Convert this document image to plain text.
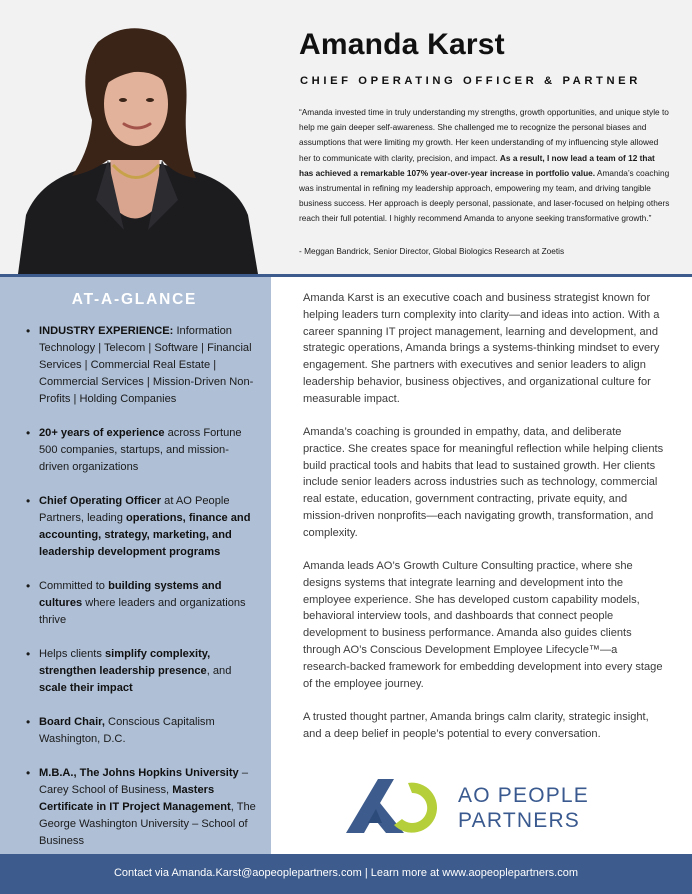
Amanda Karst
CHIEF OPERATING OFFICER & PARTNER

“Amanda invested time in truly understanding my strengths, growth opportunities, and unique style to help me gain deeper self-awareness. She challenged me to recognize the personal biases and assumptions that were limiting my growth. Her keen understanding of my influencing style allowed her to communicate with clarity, precision, and impact. As a result, I now lead a team of 12 that has achieved a remarkable 107% year-over-year increase in portfolio value. Amanda’s coaching was instrumental in refining my leadership approach, empowering my team, and driving tangible business success. Her approach is deeply personal, passionate, and laser-focused on helping others reach their full potential. I highly recommend Amanda to anyone seeking transformative growth.”

- Meggan Bandrick, Senior Director, Global Biologics Research at Zoetis
AT-A-GLANCE
• INDUSTRY EXPERIENCE: Information Technology | Telecom | Software | Financial Services | Commercial Real Estate | Commercial Services | Mission-Driven Non-Profits | Holding Companies
• 20+ years of experience across Fortune 500 companies, startups, and mission-driven organizations
• Chief Operating Officer at AO People Partners, leading operations, finance and accounting, strategy, marketing, and leadership development programs
• Committed to building systems and cultures where leaders and organizations thrive
• Helps clients simplify complexity, strengthen leadership presence, and scale their impact
• Board Chair, Conscious Capitalism Washington, D.C.
• M.B.A., The Johns Hopkins University – Carey School of Business, Masters Certificate in IT Project Management, The George Washington University – School of Business

Amanda Karst is an executive coach and business strategist known for helping leaders turn complexity into clarity—and ideas into action. With a career spanning IT project management, learning and development, and strategic operations, Amanda brings a systems-thinking mindset to every engagement. She partners with executives and senior leaders to align leadership behavior, business objectives, and organizational culture for measurable impact.

Amanda’s coaching is grounded in empathy, data, and deliberate practice. She creates space for meaningful reflection while helping clients build practical tools and habits that lead to sustained growth. Her clients include senior leaders across industries such as technology, commercial real estate, education, government contracting, private equity, and mission-driven nonprofits—each navigating growth, transformation, and complexity.

Amanda leads AO’s Growth Culture Consulting practice, where she designs systems that integrate learning and development into the employee experience. She has developed custom capability models, behavioral interview tools, and dashboards that connect people development to business performance. Amanda also guides clients through AO’s Conscious Development Employee Lifecycle™—a research-backed framework for embedding development into every stage of the employee journey.

A trusted thought partner, Amanda brings calm clarity, strategic insight, and a deep belief in people’s potential to every conversation.

AO PEOPLE
PARTNERS
Contact via Amanda.Karst@aopeoplepartners.com | Learn more at www.aopeoplepartners.com
